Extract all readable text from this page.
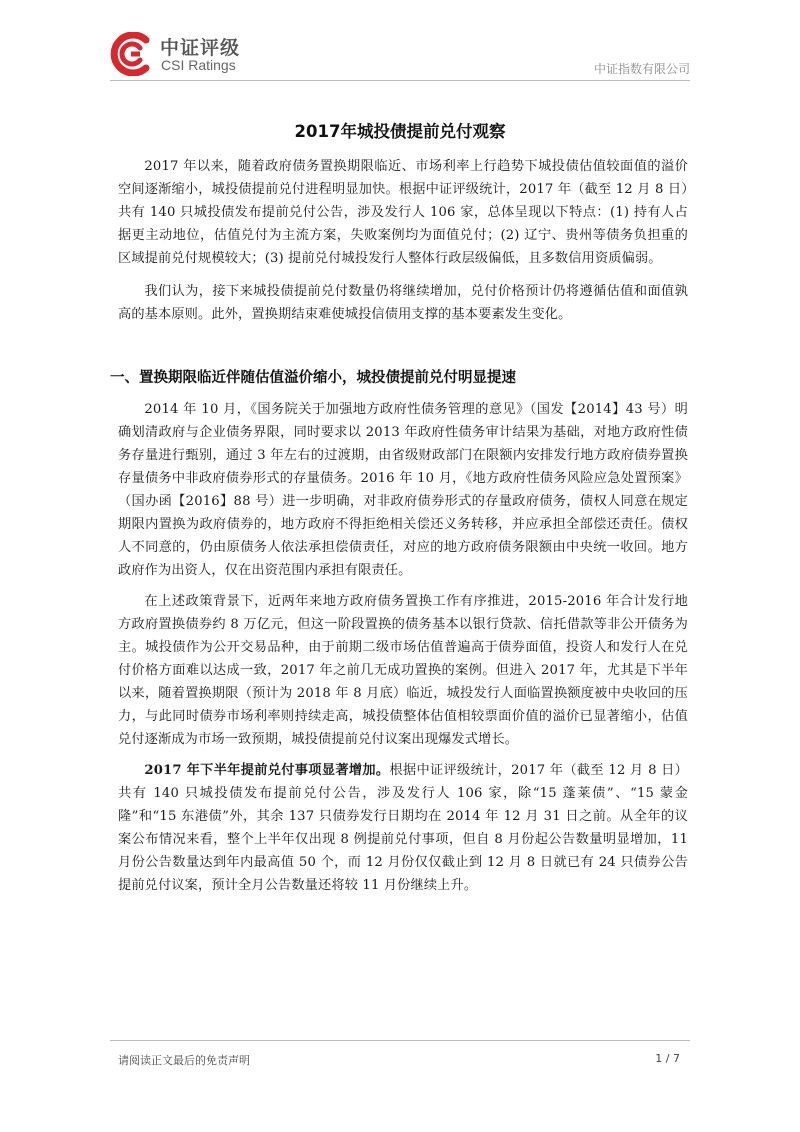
中证评级
CSI Ratings	中证指数有限公司
2017年城投债提前兑付观察

2017 年以来，随着政府债务置换期限临近、市场利率上行趋势下城投债估值较面值的溢价空间逐渐缩小，城投债提前兑付进程明显加快。根据中证评级统计，2017 年（截至 12 月 8 日）共有 140 只城投债发布提前兑付公告，涉及发行人 106 家，总体呈现以下特点：(1) 持有人占据更主动地位，估值兑付为主流方案，失败案例均为面值兑付；(2) 辽宁、贵州等债务负担重的区域提前兑付规模较大；(3) 提前兑付城投发行人整体行政层级偏低，且多数信用资质偏弱。

我们认为，接下来城投债提前兑付数量仍将继续增加，兑付价格预计仍将遵循估值和面值孰高的基本原则。此外，置换期结束难使城投信债用支撑的基本要素发生变化。

一、置换期限临近伴随估值溢价缩小，城投债提前兑付明显提速

2014 年 10 月，《国务院关于加强地方政府性债务管理的意见》（国发【2014】43 号）明确划清政府与企业债务界限，同时要求以 2013 年政府性债务审计结果为基础，对地方政府性债务存量进行甄别，通过 3 年左右的过渡期，由省级财政部门在限额内安排发行地方政府债券置换存量债务中非政府债券形式的存量债务。2016 年 10 月，《地方政府性债务风险应急处置预案》（国办函【2016】88 号）进一步明确，对非政府债券形式的存量政府债务，债权人同意在规定期限内置换为政府债券的，地方政府不得拒绝相关偿还义务转移，并应承担全部偿还责任。债权人不同意的，仍由原债务人依法承担偿债责任，对应的地方政府债务限额由中央统一收回。地方政府作为出资人，仅在出资范围内承担有限责任。

在上述政策背景下，近两年来地方政府债务置换工作有序推进，2015-2016 年合计发行地方政府置换债券约 8 万亿元，但这一阶段置换的债务基本以银行贷款、信托借款等非公开债务为主。城投债作为公开交易品种，由于前期二级市场估值普遍高于债券面值，投资人和发行人在兑付价格方面难以达成一致，2017 年之前几无成功置换的案例。但进入 2017 年，尤其是下半年以来，随着置换期限（预计为 2018 年 8 月底）临近，城投发行人面临置换额度被中央收回的压力，与此同时债券市场利率则持续走高，城投债整体估值相较票面价值的溢价已显著缩小，估值兑付逐渐成为市场一致预期，城投债提前兑付议案出现爆发式增长。

2017 年下半年提前兑付事项显著增加。根据中证评级统计，2017 年（截至 12 月 8 日）共有 140 只城投债发布提前兑付公告，涉及发行人 106 家，除“15 蓬莱债”、“15 蒙金隆”和“15 东港债”外，其余 137 只债券发行日期均在 2014 年 12 月 31 日之前。从全年的议案公布情况来看，整个上半年仅出现 8 例提前兑付事项，但自 8 月份起公告数量明显增加，11 月份公告数量达到年内最高值 50 个，而 12 月份仅仅截止到 12 月 8 日就已有 24 只债券公告提前兑付议案，预计全月公告数量还将较 11 月份继续上升。

请阅读正文最后的免责声明	1 / 7
